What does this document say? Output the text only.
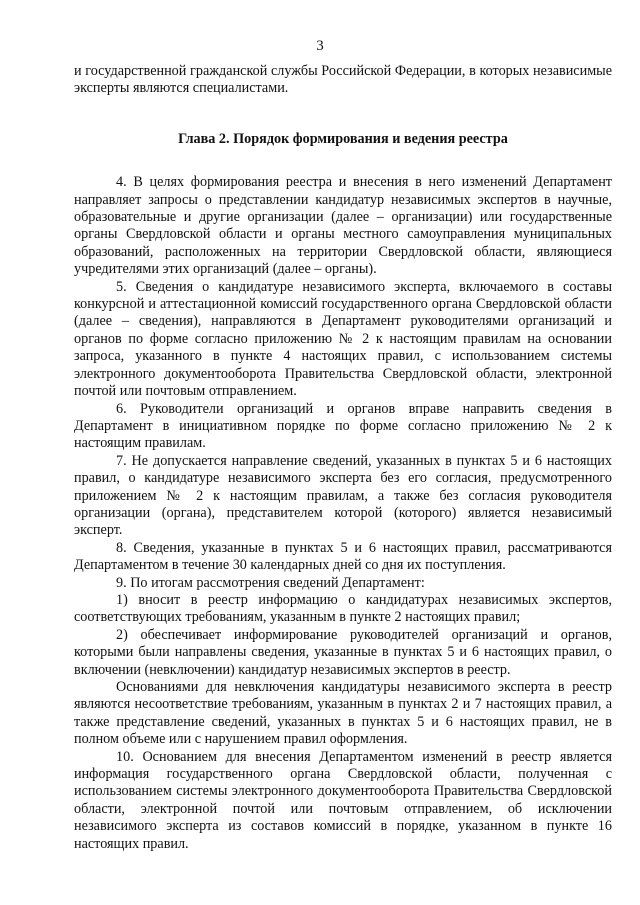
3

и государственной гражданской службы Российской Федерации, в которых независимые эксперты являются специалистами.

Глава 2. Порядок формирования и ведения реестра

4. В целях формирования реестра и внесения в него изменений Департамент направляет запросы о представлении кандидатур независимых экспертов в научные, образовательные и другие организации (далее – организации) или государственные органы Свердловской области и органы местного самоуправления муниципальных образований, расположенных на территории Свердловской области, являющиеся учредителями этих организаций (далее – органы).

5. Сведения о кандидатуре независимого эксперта, включаемого в составы конкурсной и аттестационной комиссий государственного органа Свердловской области (далее – сведения), направляются в Департамент руководителями организаций и органов по форме согласно приложению № 2 к настоящим правилам на основании запроса, указанного в пункте 4 настоящих правил, с использованием системы электронного документооборота Правительства Свердловской области, электронной почтой или почтовым отправлением.

6. Руководители организаций и органов вправе направить сведения в Департамент в инициативном порядке по форме согласно приложению № 2 к настоящим правилам.

7. Не допускается направление сведений, указанных в пунктах 5 и 6 настоящих правил, о кандидатуре независимого эксперта без его согласия, предусмотренного приложением № 2 к настоящим правилам, а также без согласия руководителя организации (органа), представителем которой (которого) является независимый эксперт.

8. Сведения, указанные в пунктах 5 и 6 настоящих правил, рассматриваются Департаментом в течение 30 календарных дней со дня их поступления.

9. По итогам рассмотрения сведений Департамент:

1) вносит в реестр информацию о кандидатурах независимых экспертов, соответствующих требованиям, указанным в пункте 2 настоящих правил;

2) обеспечивает информирование руководителей организаций и органов, которыми были направлены сведения, указанные в пунктах 5 и 6 настоящих правил, о включении (невключении) кандидатур независимых экспертов в реестр.

Основаниями для невключения кандидатуры независимого эксперта в реестр являются несоответствие требованиям, указанным в пунктах 2 и 7 настоящих правил, а также представление сведений, указанных в пунктах 5 и 6 настоящих правил, не в полном объеме или с нарушением правил оформления.

10. Основанием для внесения Департаментом изменений в реестр является информация государственного органа Свердловской области, полученная с использованием системы электронного документооборота Правительства Свердловской области, электронной почтой или почтовым отправлением, об исключении независимого эксперта из составов комиссий в порядке, указанном в пункте 16 настоящих правил.
